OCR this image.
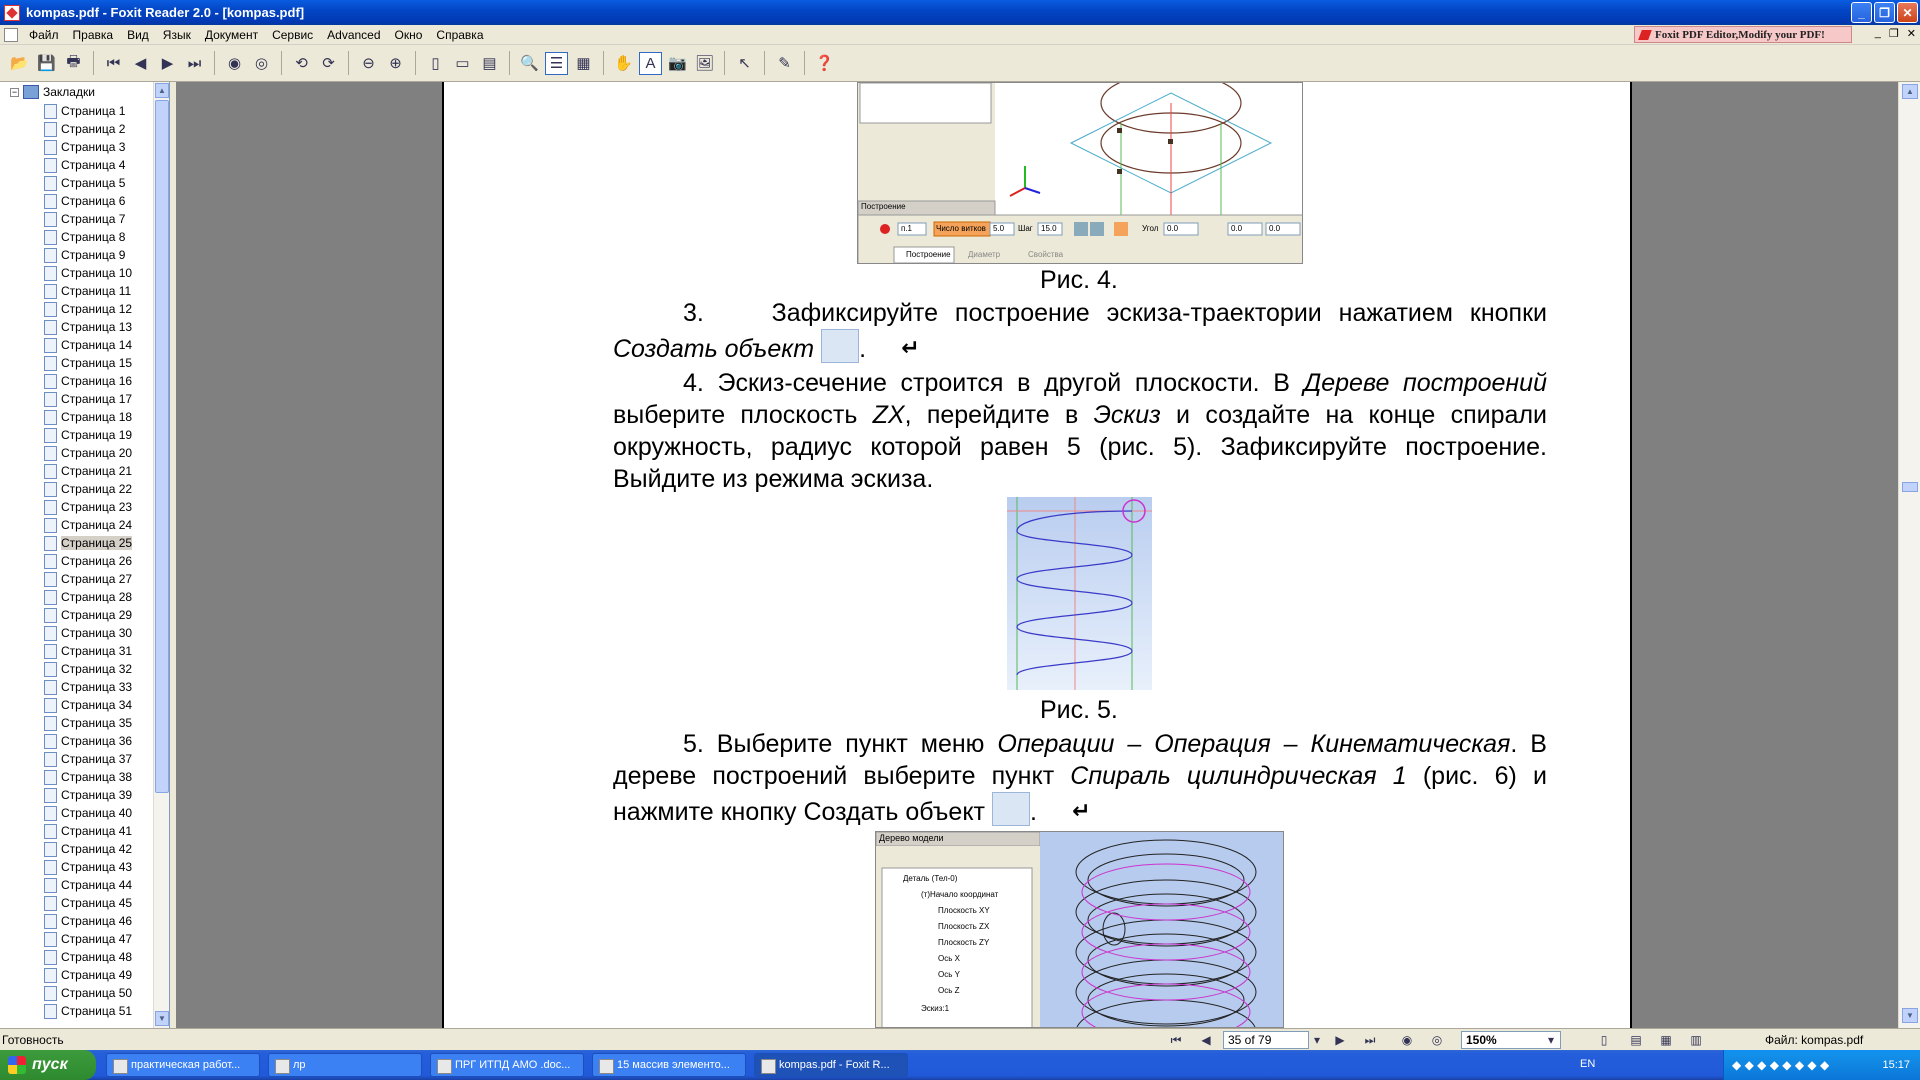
kompas.pdf - Foxit Reader 2.0 - [kompas.pdf]	_	❐	✕
Файл	Правка	Вид	Язык	Документ	Сервис	Advanced	Окно	Справка	Foxit PDF Editor,Modify your PDF!	_ ❐ ✕
📂 💾 🖶	⏮ ◀	▶ ⏭	◉ ◎	⟲ ⟳	⊖ ⊕	▯	▭ ▤ 🔍 ☰ ▦ ✋ A 📷 🖼	↖	✎	❓
− Закладки
Страница 1
Страница 2
Страница 3
Страница 4
Страница 5
Страница 6
Страница 7
Страница 8
Страница 9
Страница 10
Страница 11
Страница 12
Страница 13
Страница 14
Страница 15
Страница 16
Страница 17
Страница 18
Страница 19
Страница 20
Страница 21
Страница 22
Страница 23
Страница 24
Страница 25
Страница 26
Страница 27
Страница 28
Страница 29
Страница 30
Страница 31
Страница 32
Страница 33
Страница 34
Страница 35
Страница 36
Страница 37
Страница 38
Страница 39
Страница 40
Страница 41
Страница 42
Страница 43
Страница 44
Страница 45
Страница 46
Страница 47
Страница 48
Страница 49
Страница 50
Страница 51
▲
▼
▲
▼
Построение
п.1	Число витков 5.0 Шаг 15.0	Угол 0.0	0.0	0.0
Построение Диаметр	Свойства
Рис. 4.
3.	Зафиксируйте построение эскиза-траектории нажатием кнопки Создать объект ↵
4. Эскиз-сечение строится в другой плоскости. В Дереве построений выберите плоскость ZX, перейдите в Эскиз и создайте на конце спирали окружность, радиус которой равен 5 (рис. 5). Зафиксируйте построение. Выйдите из режима эскиза.
Рис. 5.
5. Выберите пункт меню Операции – Операция – Кинематическая. В дереве построений выберите пункт Спираль цилиндрическая 1 (рис. 6) и нажмите кнопку Создать объект ↵
Дерево модели
Деталь (Тел-0)
(т)Начало координат
Плоскость XY
Плоскость ZX
Плоскость ZY
Ось X
Ось Y
Ось Z
Эскиз:1
Готовность	⏮ ◀	35 of 79	▾	▶ ⏭ ◉ ◎	150%	▾	▯	▤ ▦ ▥	Файл: kompas.pdf
пуск	практическая работ...	лр	ПРГ ИТПД АМО .doc...	15 массив элементо...	kompas.pdf - Foxit R...	EN	◆ ◆ ◆ ◆ ◆ ◆ ◆ ◆	15:17
